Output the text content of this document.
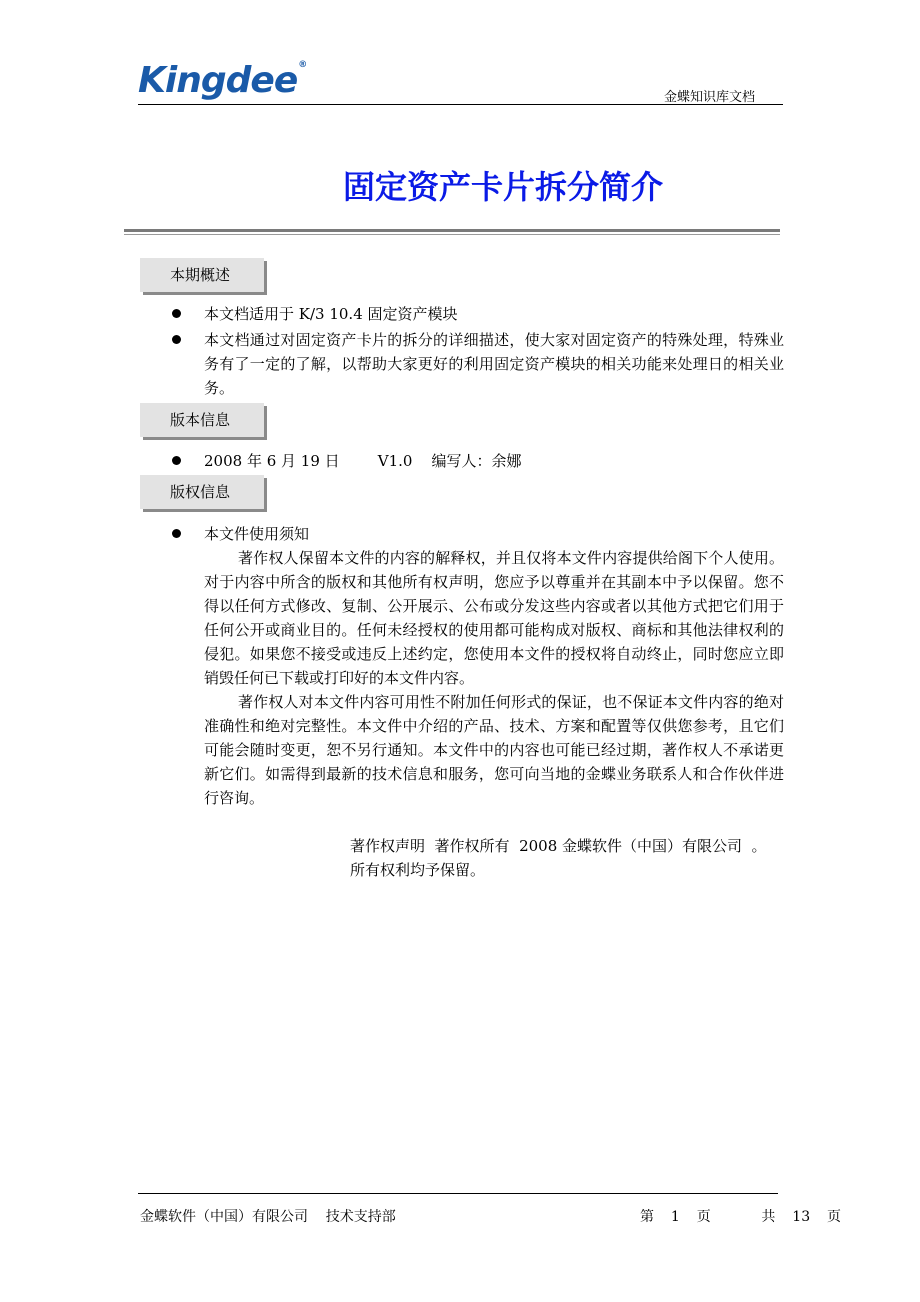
Kingdee®
金蝶知识库文档
固定资产卡片拆分简介
本期概述
本文档适用于 K/3 10.4 固定资产模块
本文档通过对固定资产卡片的拆分的详细描述，使大家对固定资产的特殊处理，特殊业务有了一定的了解，以帮助大家更好的利用固定资产模块的相关功能来处理日的相关业务。
版本信息
2008 年 6 月 19 日        V1.0    编写人：余娜
版权信息
本文件使用须知
著作权人保留本文件的内容的解释权，并且仅将本文件内容提供给阁下个人使用。对于内容中所含的版权和其他所有权声明，您应予以尊重并在其副本中予以保留。您不得以任何方式修改、复制、公开展示、公布或分发这些内容或者以其他方式把它们用于任何公开或商业目的。任何未经授权的使用都可能构成对版权、商标和其他法律权利的侵犯。如果您不接受或违反上述约定，您使用本文件的授权将自动终止，同时您应立即销毁任何已下载或打印好的本文件内容。
著作权人对本文件内容可用性不附加任何形式的保证，也不保证本文件内容的绝对准确性和绝对完整性。本文件中介绍的产品、技术、方案和配置等仅供您参考，且它们可能会随时变更，恕不另行通知。本文件中的内容也可能已经过期，著作权人不承诺更新它们。如需得到最新的技术信息和服务，您可向当地的金蝶业务联系人和合作伙伴进行咨询。
著作权声明  著作权所有  2008 金蝶软件（中国）有限公司  。
所有权利均予保留。
金蝶软件（中国）有限公司    技术支持部	第  1  页      共  13  页
